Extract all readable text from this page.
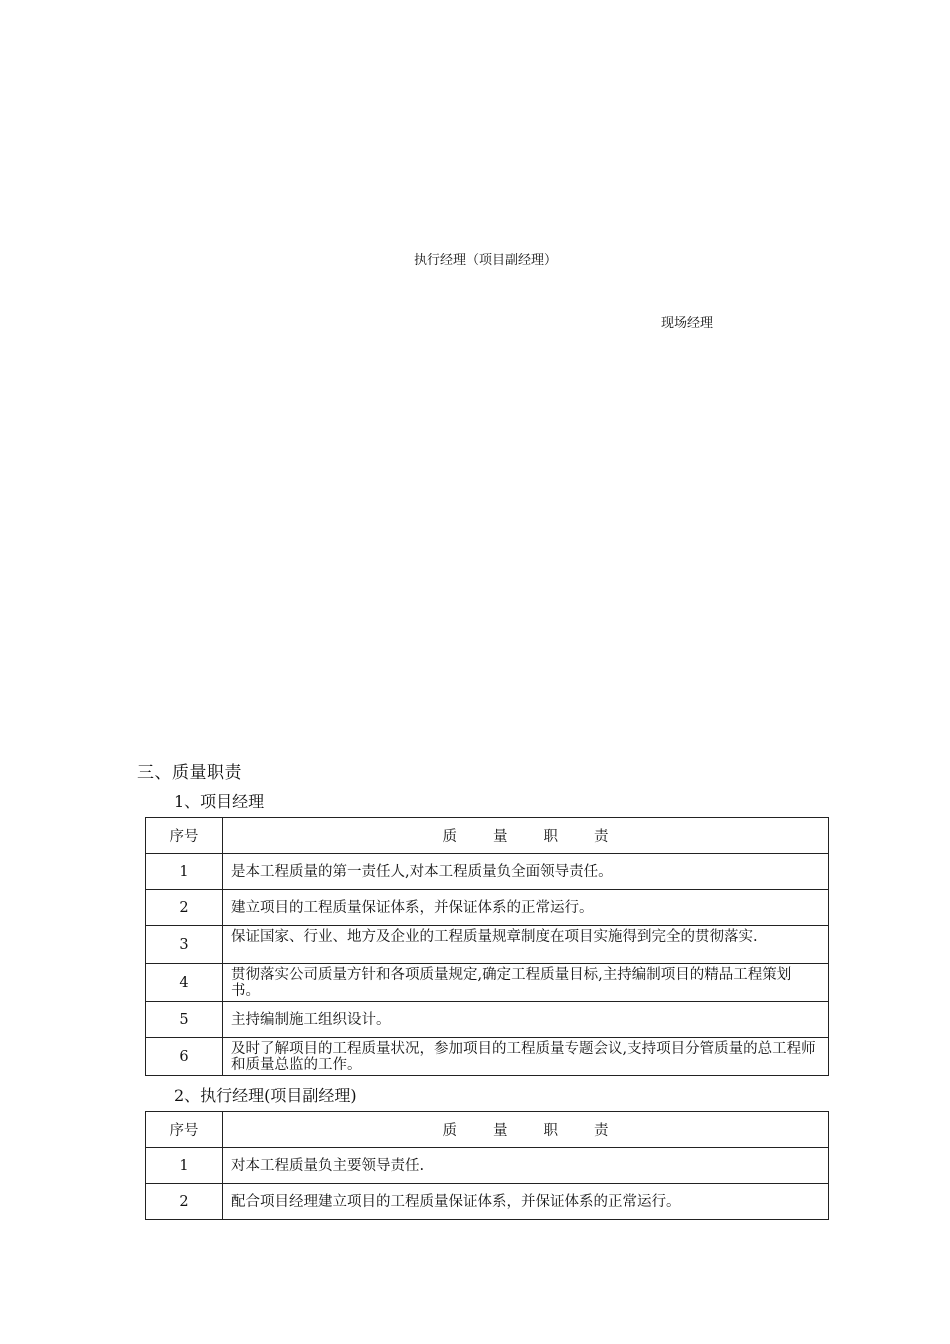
执行经理（项目副经理）
现场经理
三、质量职责
1、项目经理
序号	质 量 职 责
1	是本工程质量的第一责任人,对本工程质量负全面领导责任。
2	建立项目的工程质量保证体系，并保证体系的正常运行。
3	保证国家、行业、地方及企业的工程质量规章制度在项目实施得到完全的贯彻落实.
4	贯彻落实公司质量方针和各项质量规定,确定工程质量目标,主持编制项目的精品工程策划书。
5	主持编制施工组织设计。
6	及时了解项目的工程质量状况，参加项目的工程质量专题会议,支持项目分管质量的总工程师和质量总监的工作。
2、执行经理(项目副经理)
序号	质 量 职 责
1	对本工程质量负主要领导责任.
2	配合项目经理建立项目的工程质量保证体系，并保证体系的正常运行。
